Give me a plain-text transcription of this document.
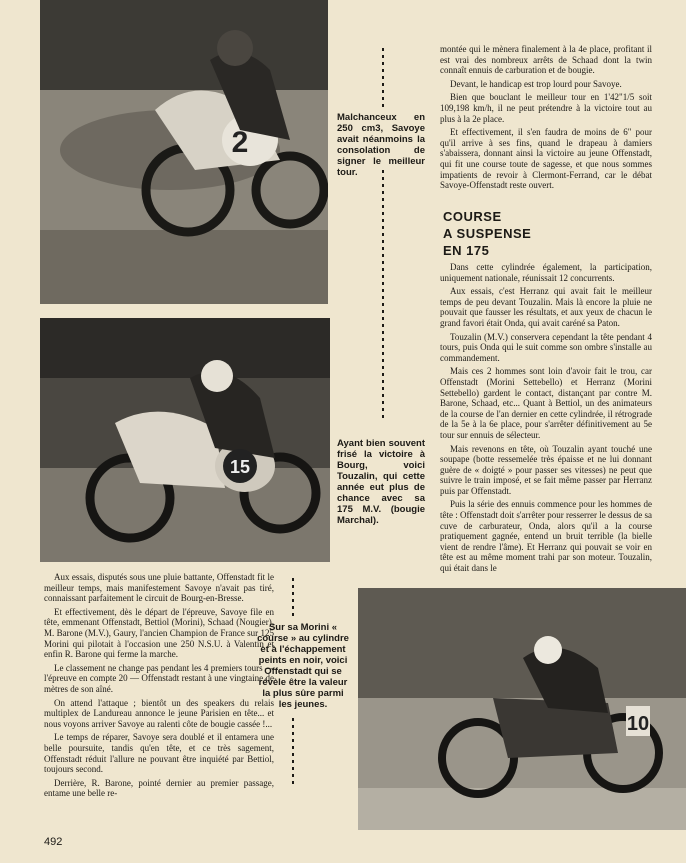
2

Malchanceux en 250 cm3, Savoye avait néanmoins la consolation de signer le meilleur tour.

montée qui le mènera finalement à la 4e place, profitant il est vrai des nombreux arrêts de Schaad dont la twin connaît ennuis de carburation et de bougie.

Devant, le handicap est trop lourd pour Savoye.

Bien que bouclant le meilleur tour en 1'42"1/5 soit 109,198 km/h, il ne peut prétendre à la victoire tout au plus à la 2e place.

Et effectivement, il s'en faudra de moins de 6" pour qu'il arrive à ses fins, quand le drapeau à damiers s'abaissera, donnant ainsi la victoire au jeune Offenstadt, qui fit une course toute de sagesse, et que nous sommes impatients de revoir à Clermont-Ferrand, car le débat Savoye-Offenstadt reste ouvert.

COURSE
A SUSPENSE
EN 175

Dans cette cylindrée également, la participation, uniquement nationale, réunissait 12 concurrents.

Aux essais, c'est Herranz qui avait fait le meilleur temps de peu devant Touzalin. Mais là encore la pluie ne pouvait que fausser les résultats, et aux yeux de chacun le grand favori était Onda, qui avait caréné sa Paton.

Touzalin (M.V.) conservera cependant la tête pendant 4 tours, puis Onda qui le suit comme son ombre s'installe au commandement.

Mais ces 2 hommes sont loin d'avoir fait le trou, car Offenstadt (Morini Settebello) et Herranz (Morini Settebello) gardent le contact, distançant par contre M. Barone, Schaad, etc... Quant à Bettiol, un des animateurs de la course de l'an dernier en cette cylindrée, il rétrograde de la 5e à la 6e place, pour s'arrêter définitivement au 5e tour sur ennuis de sélecteur.

Mais revenons en tête, où Touzalin ayant touché une soupape (botte ressemelée très épaisse et ne lui donnant guère de « doigté » pour passer ses vitesses) ne peut que suivre le train imposé, et se fait même passer par Herranz puis par Offenstadt.

Puis la série des ennuis commence pour les hommes de tête : Offenstadt doit s'arrêter pour resserrer le dessus de sa cuve de carburateur, Onda, alors qu'il a la course pratiquement gagnée, entend un bruit terrible (la bielle vient de rendre l'âme). Et Herranz qui pouvait se voir en tête est au même moment trahi par son moteur. Touzalin, qui était dans le

15

Ayant bien souvent frisé la victoire à Bourg, voici Touzalin, qui cette année eut plus de chance avec sa 175 M.V. (bougie Marchal).

Aux essais, disputés sous une pluie battante, Offenstadt fit le meilleur temps, mais manifestement Savoye n'avait pas tiré, connaissant parfaitement le circuit de Bourg-en-Bresse.

Et effectivement, dès le départ de l'épreuve, Savoye file en tête, emmenant Offenstadt, Bettiol (Morini), Schaad (Nougier), M. Barone (M.V.), Gaury, l'ancien Champion de France sur 125 Morini qui pilotait à l'occasion une 250 N.S.U. à Valentin et enfin R. Barone qui ferme la marche.

Le classement ne change pas pendant les 4 premiers tours — l'épreuve en compte 20 — Offenstadt restant à une vingtaine de mètres de son aîné.

On attend l'attaque ; bientôt un des speakers du relais multiplex de Landureau annonce le jeune Parisien en tête... et nous voyons arriver Savoye au ralenti côte de bougie cassée !...

Le temps de réparer, Savoye sera doublé et il entamera une belle poursuite, tandis qu'en tête, et ce très sagement, Offenstadt réduit l'allure ne pouvant être inquiété par Bettiol, toujours second.

Derrière, R. Barone, pointé dernier au premier passage, entame une belle re-

Sur sa Morini « course » au cylindre et à l'échappement peints en noir, voici Offenstadt qui se révèle être la valeur la plus sûre parmi les jeunes.

10
492
